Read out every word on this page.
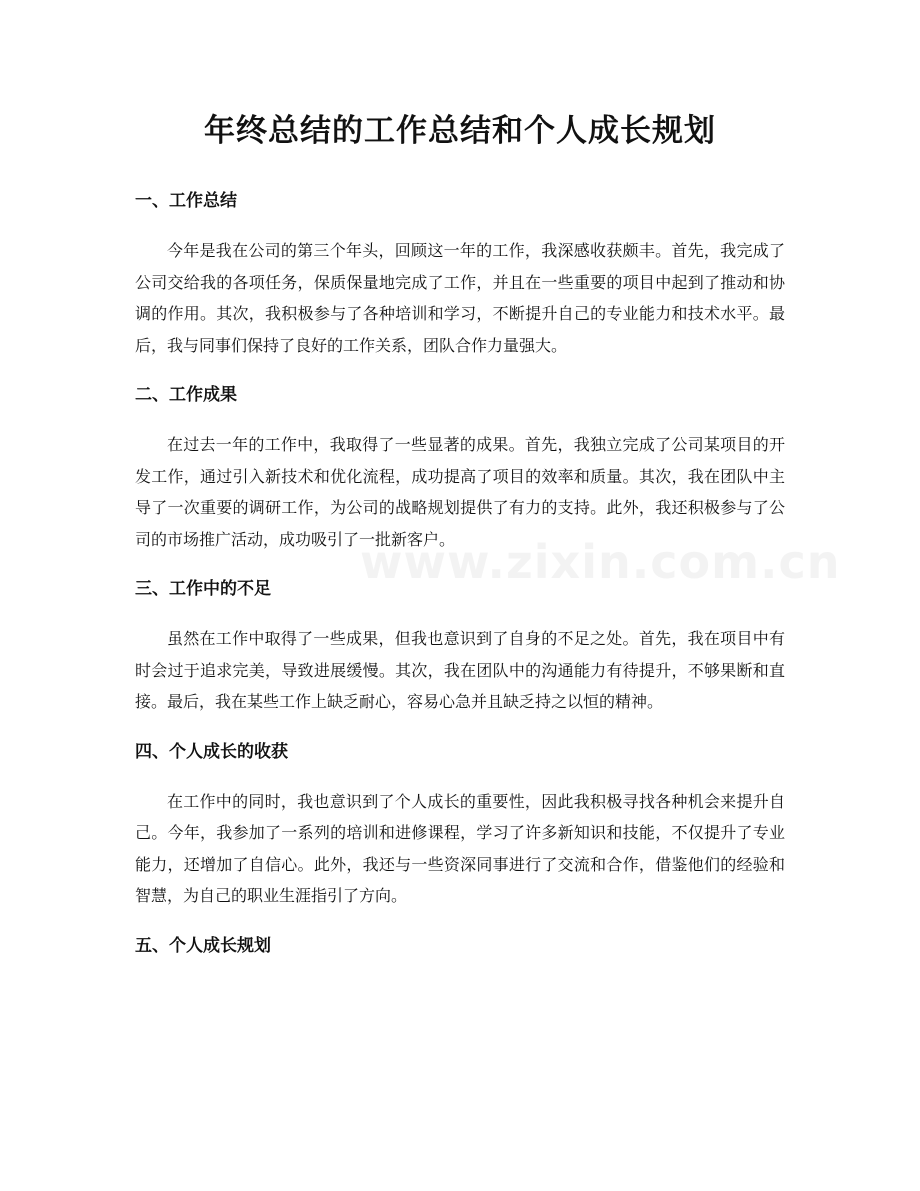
年终总结的工作总结和个人成长规划
一、工作总结

今年是我在公司的第三个年头，回顾这一年的工作，我深感收获颇丰。首先，我完成了公司交给我的各项任务，保质保量地完成了工作，并且在一些重要的项目中起到了推动和协调的作用。其次，我积极参与了各种培训和学习，不断提升自己的专业能力和技术水平。最后，我与同事们保持了良好的工作关系，团队合作力量强大。

二、工作成果

在过去一年的工作中，我取得了一些显著的成果。首先，我独立完成了公司某项目的开发工作，通过引入新技术和优化流程，成功提高了项目的效率和质量。其次，我在团队中主导了一次重要的调研工作，为公司的战略规划提供了有力的支持。此外，我还积极参与了公司的市场推广活动，成功吸引了一批新客户。

三、工作中的不足

虽然在工作中取得了一些成果，但我也意识到了自身的不足之处。首先，我在项目中有时会过于追求完美，导致进展缓慢。其次，我在团队中的沟通能力有待提升，不够果断和直接。最后，我在某些工作上缺乏耐心，容易心急并且缺乏持之以恒的精神。

四、个人成长的收获

在工作中的同时，我也意识到了个人成长的重要性，因此我积极寻找各种机会来提升自己。今年，我参加了一系列的培训和进修课程，学习了许多新知识和技能，不仅提升了专业能力，还增加了自信心。此外，我还与一些资深同事进行了交流和合作，借鉴他们的经验和智慧，为自己的职业生涯指引了方向。

五、个人成长规划
www.zixin.com.cn
